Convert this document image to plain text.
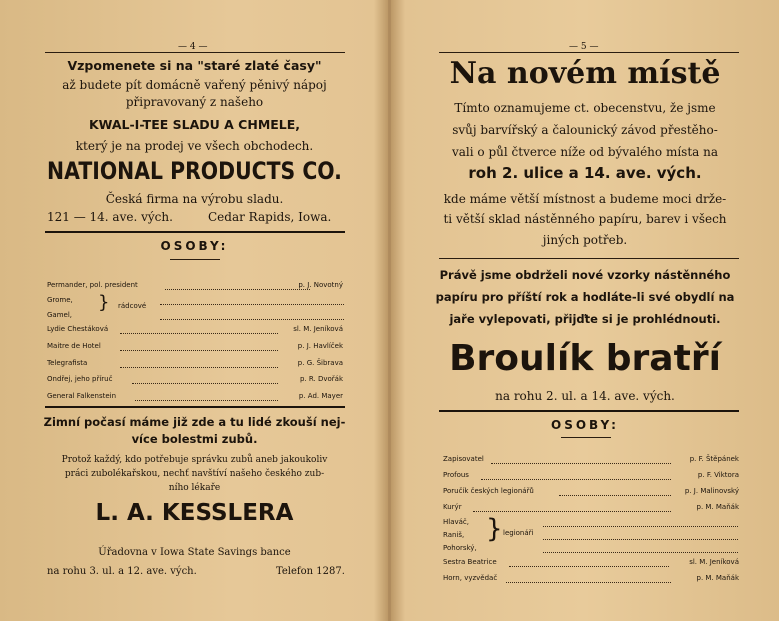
— 4 —
Vzpomenete si na "staré zlaté časy"
až budete pít domácně vařený pěnivý nápoj
připravovaný z našeho
KWAL-I-TEE SLADU A CHMELE,
který je na prodej ve všech obchodech.
NATIONAL PRODUCTS CO.
Česká firma na výrobu sladu.
121 — 14. ave. vých.	Cedar Rapids, Iowa.
OSOBY:
Permander, pol. president	p. J. Novotný
Grome,
Gamel,
} rádcové
Lydie Chestáková	sl. M. Jeníková
Maitre de Hotel	p. J. Havlíček
Telegrafista	p. G. Šibrava
Ondřej, jeho příruč	p. R. Dvořák
General Falkenstein	p. Ad. Mayer
Zimní počasí máme již zde a tu lidé zkouší nej-
více bolestmi zubů.
Protož každý, kdo potřebuje správku zubů aneb jakoukoliv
práci zubolékařskou, nechť navštíví našeho českého zub-
ního lékaře
L. A. KESSLERA
Úřadovna v Iowa State Savings bance
na rohu 3. ul. a 12. ave. vých.	Telefon 1287.
— 5 —
Na novém místě
Tímto oznamujeme ct. obecenstvu, že jsme
svůj barvířský a čalounický závod přestěho-
vali o půl čtverce níže od bývalého místa na
roh 2. ulice a 14. ave. vých.
kde máme větší místnost a budeme moci drže-
ti větší sklad nástěnného papíru, barev i všech
jiných potřeb.
Právě jsme obdrželi nové vzorky nástěnného
papíru pro příští rok a hodláte-li své obydlí na
jaře vylepovati, přijďte si je prohlédnouti.
Broulík bratří
na rohu 2. ul. a 14. ave. vých.
OSOBY:
Zapisovatel	p. F. Štěpánek
Profous	p. F. Viktora
Poručík českých legionářů	p. J. Malinovský
Kurýr	p. M. Maňák
Hlaváč,
Raniš,
Pohorský,
} legionáři
Sestra Beatrice	sl. M. Jeníková
Horn, vyzvědač	p. M. Maňák
